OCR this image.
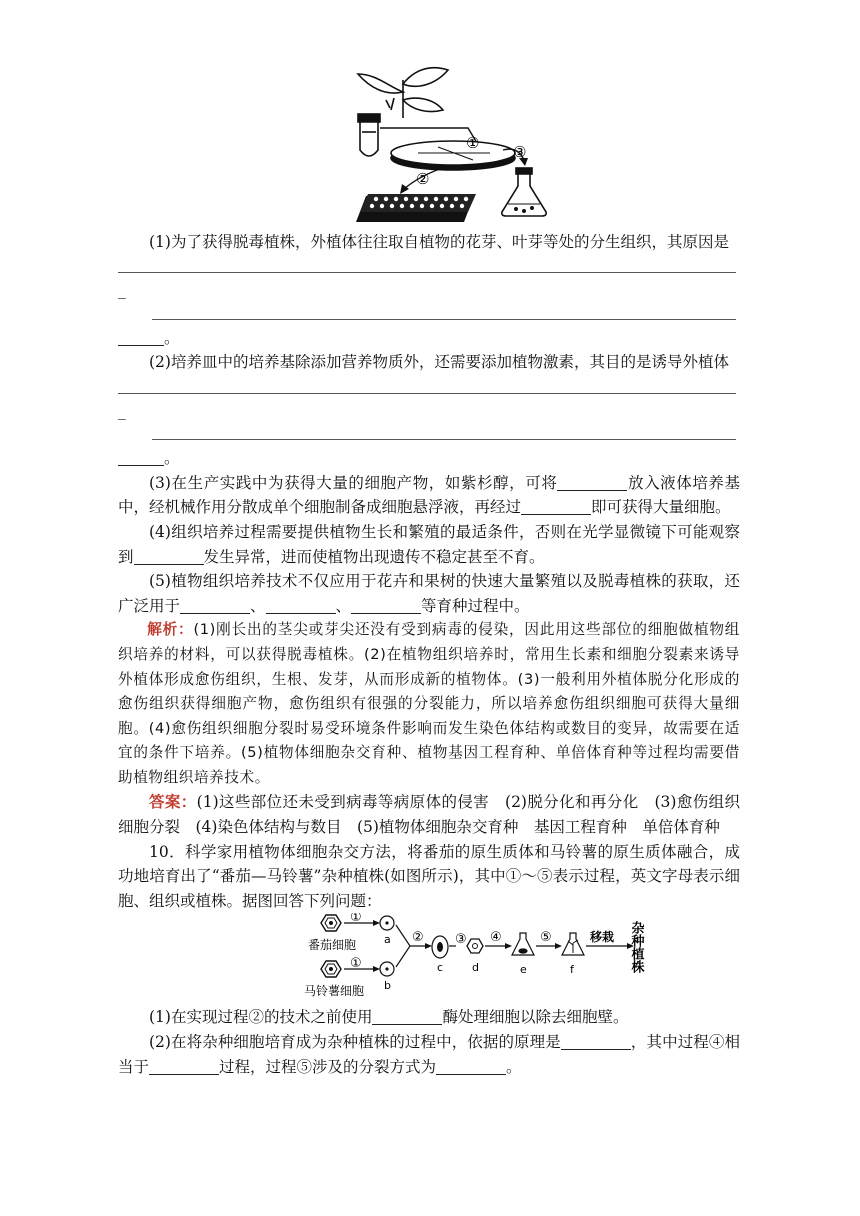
①
②
③

(1)为了获得脱毒植株，外植体往往取自植物的花芽、叶芽等处的分生组织，其原因是

_

。

(2)培养皿中的培养基除添加营养物质外，还需要添加植物激素，其目的是诱导外植体

_

。

(3)在生产实践中为获得大量的细胞产物，如紫杉醇，可将	放入液体培养基中，经机械作用分散成单个细胞制备成细胞悬浮液，再经过	即可获得大量细胞。

(4)组织培养过程需要提供植物生长和繁殖的最适条件，否则在光学显微镜下可能观察到	发生异常，进而使植物出现遗传不稳定甚至不育。

(5)植物组织培养技术不仅应用于花卉和果树的快速大量繁殖以及脱毒植株的获取，还广泛用于	、	、	等育种过程中。

解析：(1)刚长出的茎尖或芽尖还没有受到病毒的侵染，因此用这些部位的细胞做植物组织培养的材料，可以获得脱毒植株。(2)在植物组织培养时，常用生长素和细胞分裂素来诱导外植体形成愈伤组织，生根、发芽，从而形成新的植物体。(3)一般利用外植体脱分化形成的愈伤组织获得细胞产物，愈伤组织有很强的分裂能力，所以培养愈伤组织细胞可获得大量细胞。(4)愈伤组织细胞分裂时易受环境条件影响而发生染色体结构或数目的变异，故需要在适宜的条件下培养。(5)植物体细胞杂交育种、植物基因工程育种、单倍体育种等过程均需要借助植物组织培养技术。

答案：(1)这些部位还未受到病毒等病原体的侵害　(2)脱分化和再分化　(3)愈伤组织　细胞分裂　(4)染色体结构与数目　(5)植物体细胞杂交育种　基因工程育种　单倍体育种

10．科学家用植物体细胞杂交方法，将番茄的原生质体和马铃薯的原生质体融合，成功地培育出了“番茄—马铃薯”杂种植株(如图所示)，其中①～⑤表示过程，英文字母表示细胞、组织或植株。据图回答下列问题：

番茄细胞
①
a
马铃薯细胞
①
b
②
c
③
d
④
e
⑤
f
移栽 杂种植株

(1)在实现过程②的技术之前使用	酶处理细胞以除去细胞壁。

(2)在将杂种细胞培育成为杂种植株的过程中，依据的原理是	，其中过程④相当于	过程，过程⑤涉及的分裂方式为	。
